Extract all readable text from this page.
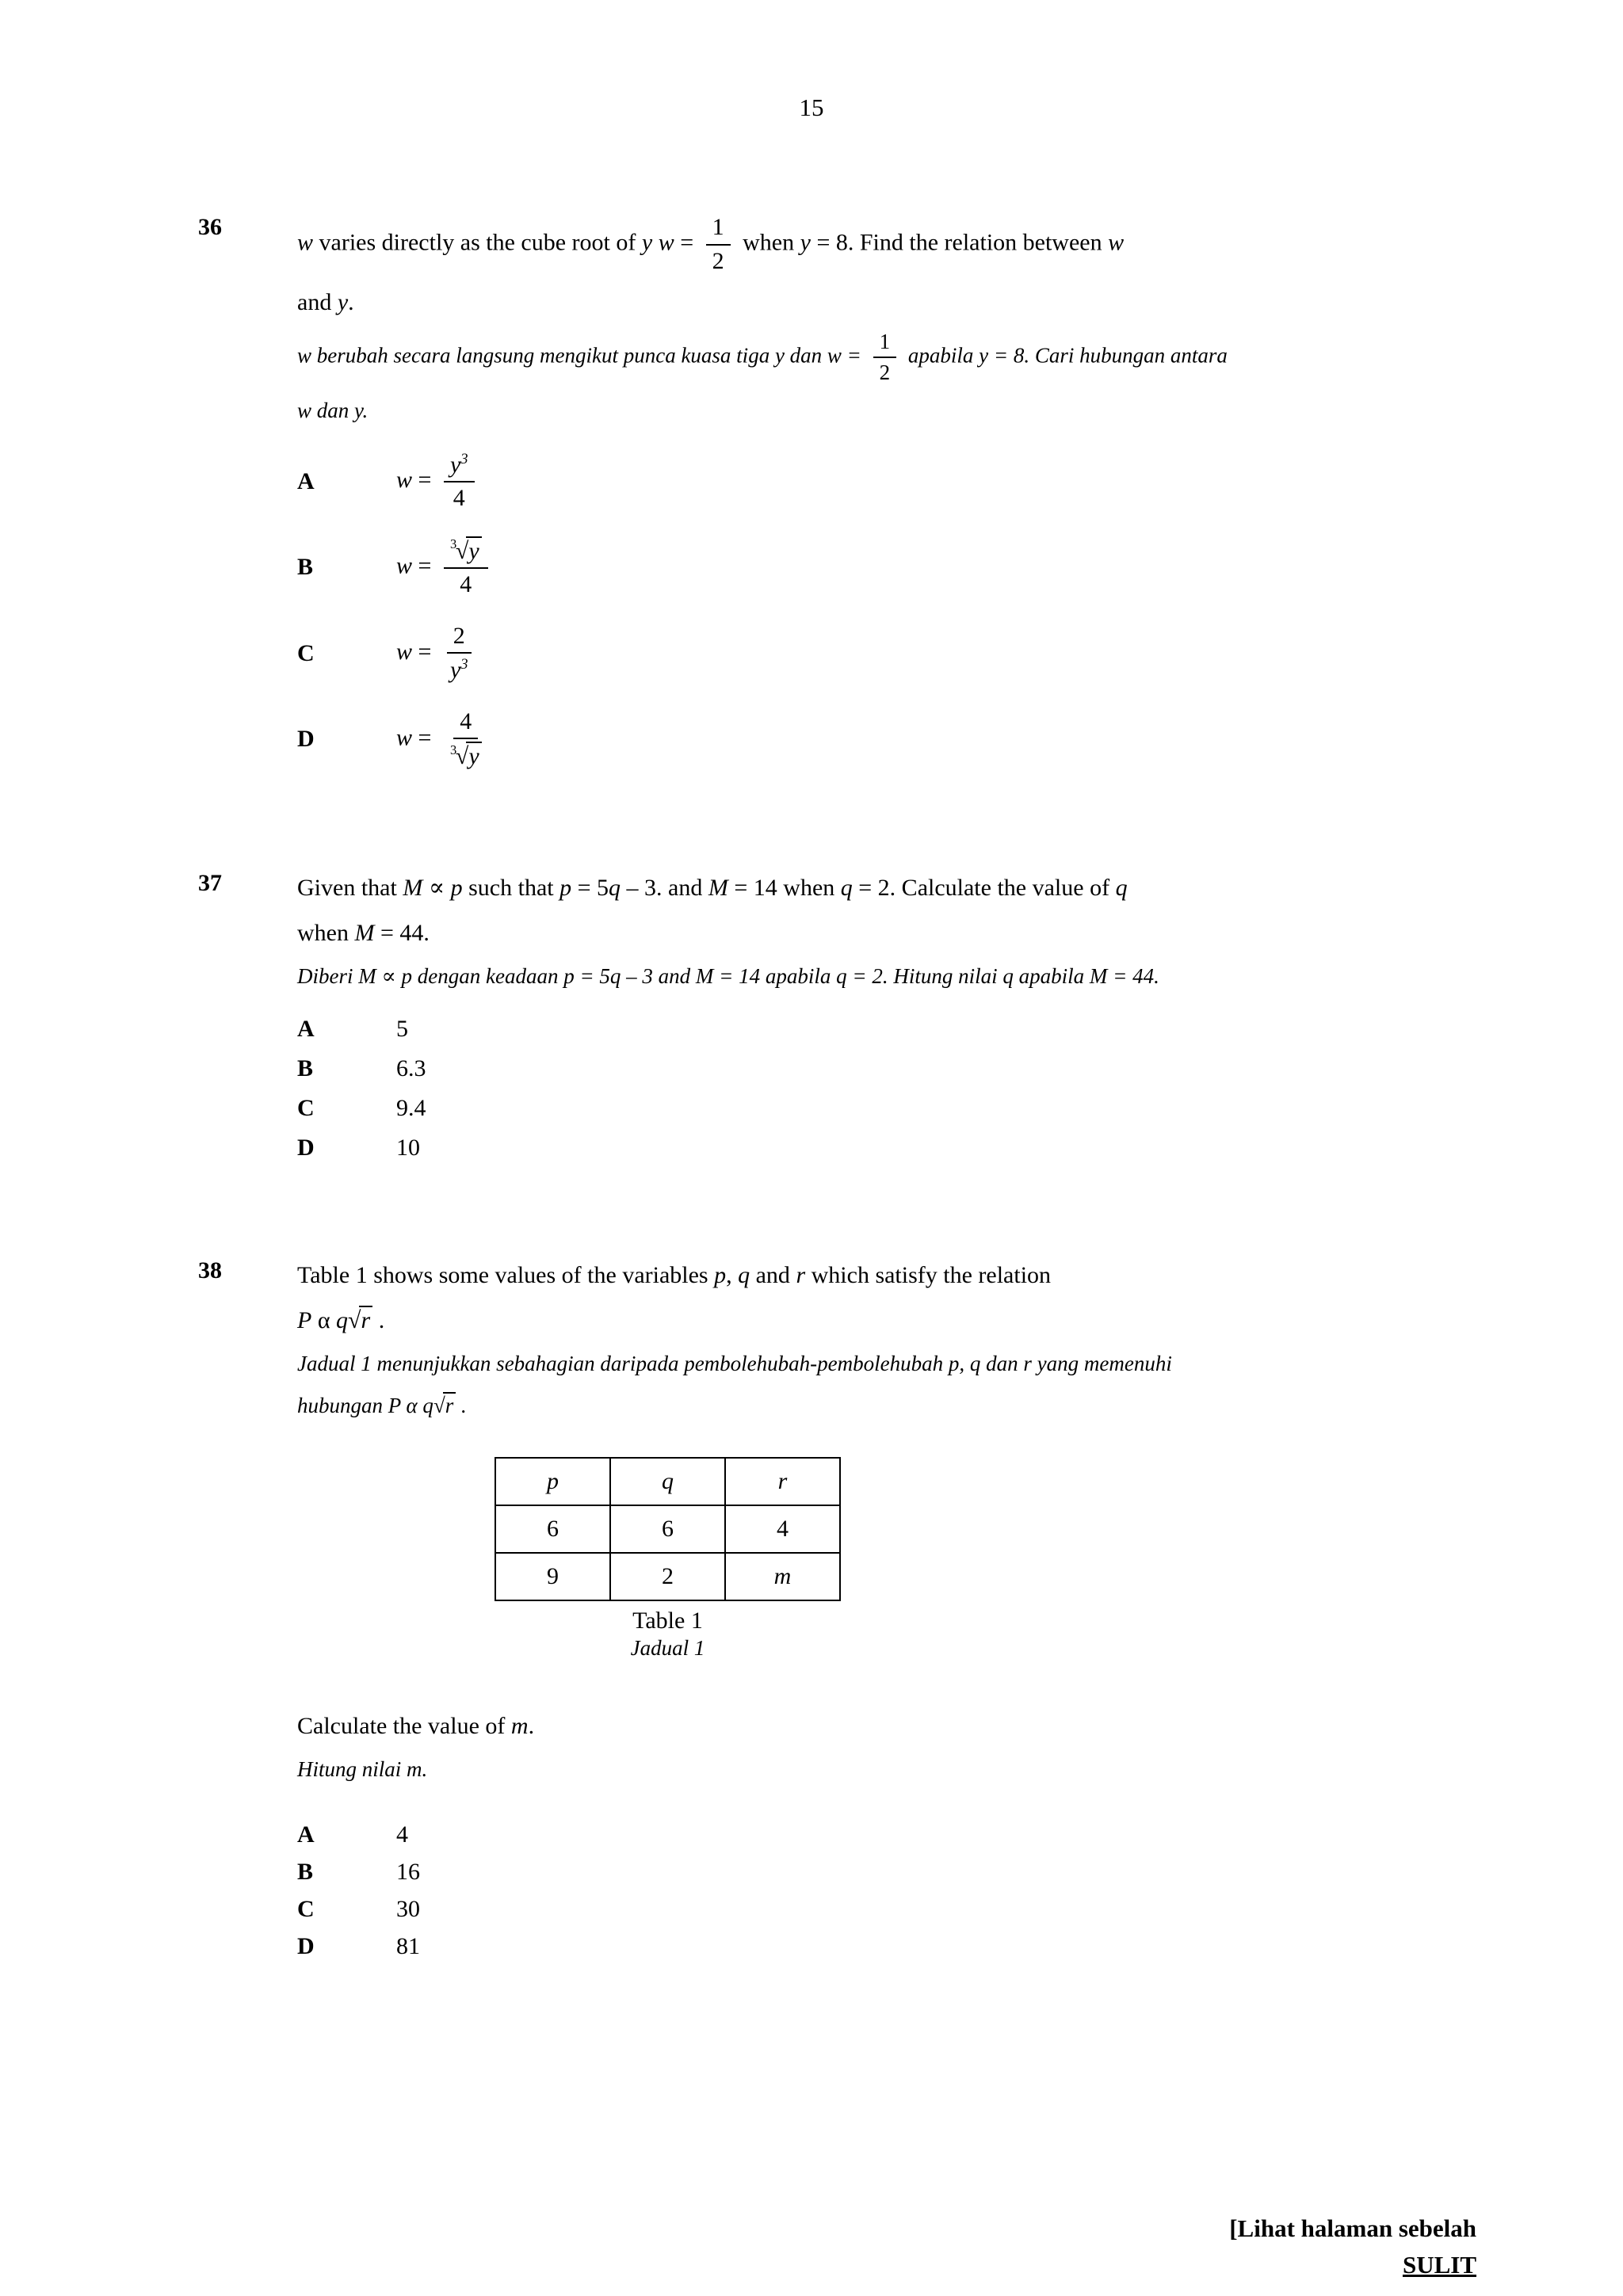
15
36

w varies directly as the cube root of y $w = \frac{1}{2}$ when y = 8. Find the relation between w

and y.

w berubah secara langsung mengikut punca kuasa tiga y dan $w = \frac{1}{2}$ apabila y = 8. Cari hubungan antara

w dan y.

A	$w = \frac{y^3}{4}$
B	$w = \frac{^3√y}{4}$
C	$w = \frac{2}{y^3}$
D	$w = \frac{4}{^3√y}$
37	Given that M ∝ p such that p = 5q – 3. and M = 14 when q = 2. Calculate the value of q

when M = 44.

Diberi M ∝ p dengan keadaan p = 5q – 3 and M = 14 apabila q = 2. Hitung nilai q apabila M = 44.

A	5
B	6.3
C	9.4
D	10
38	Table 1 shows some values of the variables p, q and r which satisfy the relation

P α q√r .

Jadual 1 menunjukkan sebahagian daripada pembolehubah-pembolehubah p, q dan r yang memenuhi

hubungan P α q√r .

p	q	r
6	6	4
9	2	m
Table 1
Jadual 1

Calculate the value of m.

Hitung nilai m.

A	4
B	16
C	30
D	81
[Lihat halaman sebelah
SULIT
